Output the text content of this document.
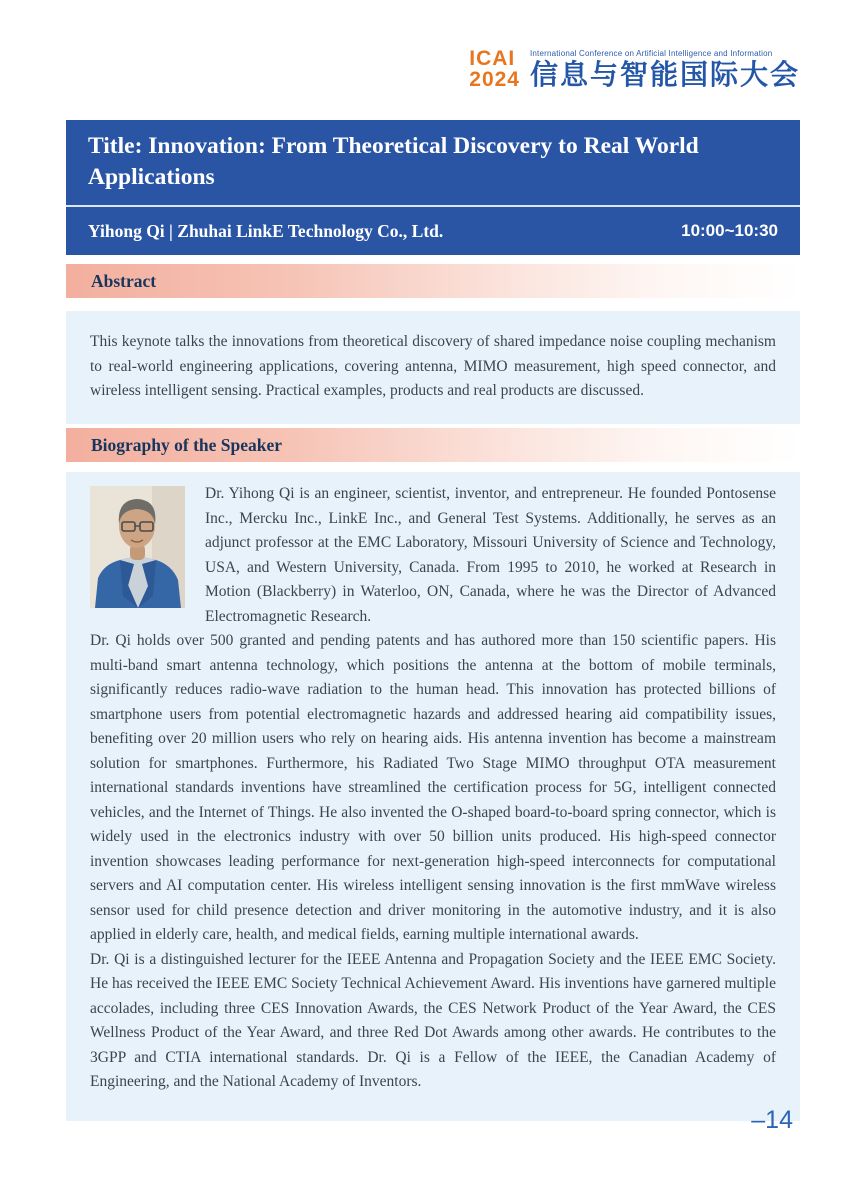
ICAI
2024
International Conference on Artificial Intelligence and Information
信息与智能国际大会
Title: Innovation: From Theoretical Discovery to Real World Applications
Yihong Qi | Zhuhai LinkE Technology Co., Ltd.	10:00~10:30
Abstract

This keynote talks the innovations from theoretical discovery of shared impedance noise coupling mechanism to real-world engineering applications, covering antenna, MIMO measurement, high speed connector, and wireless intelligent sensing. Practical examples, products and real products are discussed.

Biography of the Speaker

Dr. Yihong Qi is an engineer, scientist, inventor, and entrepreneur. He founded Pontosense Inc., Mercku Inc., LinkE Inc., and General Test Systems. Additionally, he serves as an adjunct professor at the EMC Laboratory, Missouri University of Science and Technology, USA, and Western University, Canada. From 1995 to 2010, he worked at Research in Motion (Blackberry) in Waterloo, ON, Canada, where he was the Director of Advanced Electromagnetic Research.

Dr. Qi holds over 500 granted and pending patents and has authored more than 150 scientific papers. His multi-band smart antenna technology, which positions the antenna at the bottom of mobile terminals, significantly reduces radio-wave radiation to the human head. This innovation has protected billions of smartphone users from potential electromagnetic hazards and addressed hearing aid compatibility issues, benefiting over 20 million users who rely on hearing aids. His antenna invention has become a mainstream solution for smartphones. Furthermore, his Radiated Two Stage MIMO throughput OTA measurement international standards inventions have streamlined the certification process for 5G, intelligent connected vehicles, and the Internet of Things. He also invented the O-shaped board-to-board spring connector, which is widely used in the electronics industry with over 50 billion units produced. His high-speed connector invention showcases leading performance for next-generation high-speed interconnects for computational servers and AI computation center. His wireless intelligent sensing innovation is the first mmWave wireless sensor used for child presence detection and driver monitoring in the automotive industry, and it is also applied in elderly care, health, and medical fields, earning multiple international awards.

Dr. Qi is a distinguished lecturer for the IEEE Antenna and Propagation Society and the IEEE EMC Society. He has received the IEEE EMC Society Technical Achievement Award. His inventions have garnered multiple accolades, including three CES Innovation Awards, the CES Network Product of the Year Award, the CES Wellness Product of the Year Award, and three Red Dot Awards among other awards. He contributes to the 3GPP and CTIA international standards. Dr. Qi is a Fellow of the IEEE, the Canadian Academy of Engineering, and the National Academy of Inventors.

–14
